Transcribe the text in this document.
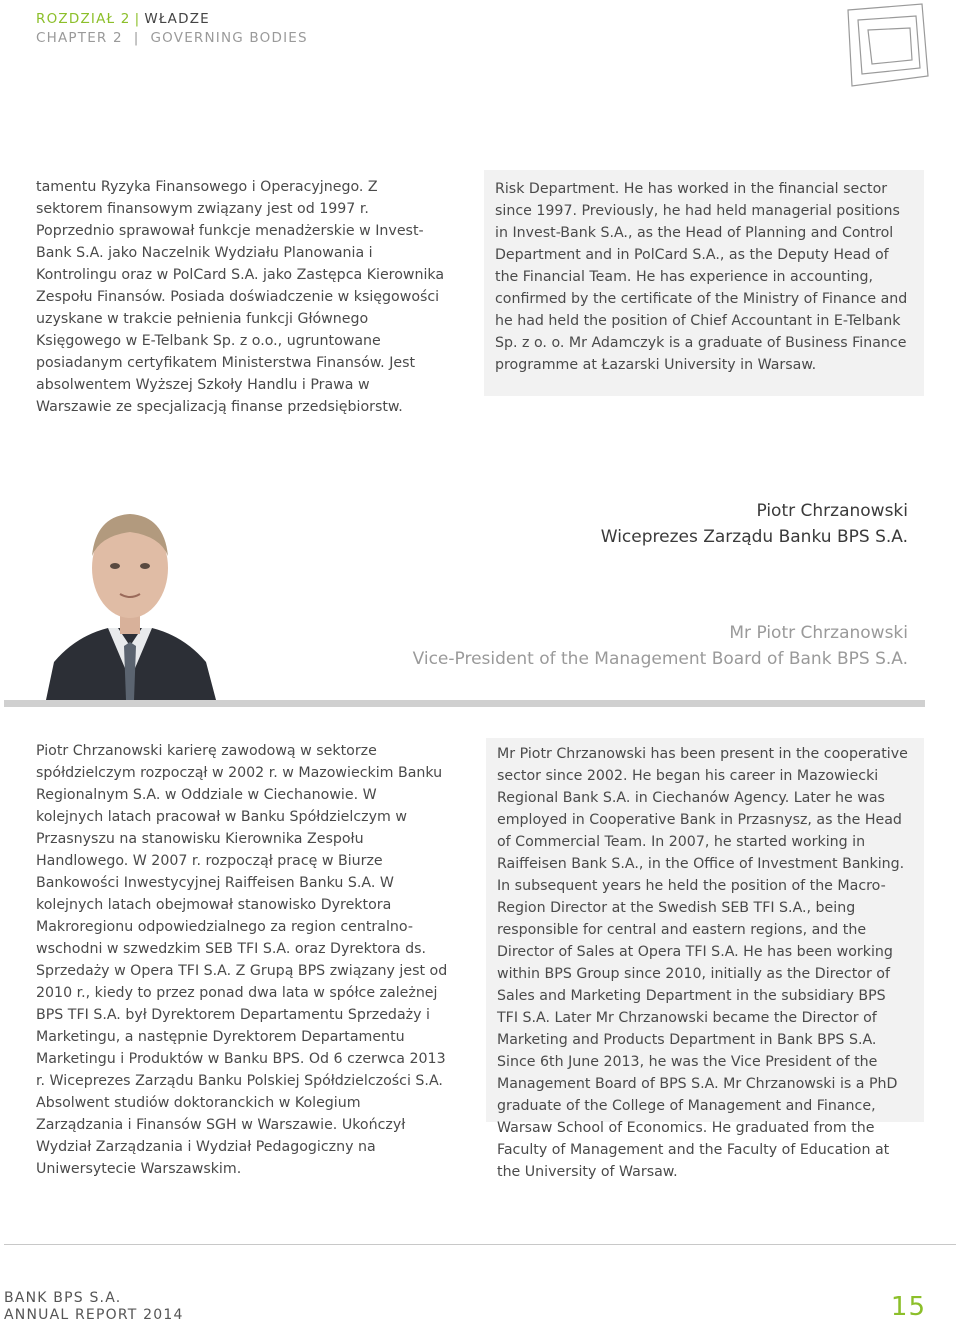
ROZDZIAŁ 2 | WŁADZE
CHAPTER 2  |  GOVERNING BODIES
tamentu Ryzyka Finansowego i Operacyjnego. Z sektorem finansowym związany jest od 1997 r. Poprzednio sprawował funkcje menadżerskie w Invest-Bank S.A. jako Naczelnik Wydziału Planowania i Kontrolingu oraz w PolCard S.A. jako Zastępca Kierownika Zespołu Finansów. Posiada doświadczenie w księgowości uzyskane w trakcie pełnienia funkcji Głównego Księgowego w E-Telbank Sp. z o.o., ugruntowane posiadanym certyfikatem Ministerstwa Finansów. Jest absolwentem Wyższej Szkoły Handlu i Prawa w Warszawie ze specjalizacją finanse przedsiębiorstw.
Risk Department. He has worked in the financial sector since 1997. Previously, he had held managerial positions in Invest-Bank S.A., as the Head of Planning and Control Department and in PolCard S.A., as the Deputy Head of the Financial Team. He has experience in accounting, confirmed by the certificate of the Ministry of Finance and he had held the position of Chief Accountant in E-Telbank Sp. z o. o. Mr Adamczyk is a graduate of Business Finance programme at Łazarski University in Warsaw.
Piotr Chrzanowski
Wiceprezes Zarządu Banku BPS S.A.
Mr Piotr Chrzanowski
Vice-President of the Management Board of Bank BPS S.A.
Piotr Chrzanowski karierę zawodową w sektorze spółdzielczym rozpoczął w 2002 r. w Mazowieckim Banku Regionalnym S.A. w Oddziale w Ciechanowie. W kolejnych latach pracował w Banku Spółdzielczym w Przasnyszu na stanowisku Kierownika Zespołu Handlowego. W 2007 r. rozpoczął pracę w Biurze Bankowości Inwestycyjnej Raiffeisen Banku S.A. W kolejnych latach obejmował stanowisko Dyrektora Makroregionu odpowiedzialnego za region centralno-wschodni w szwedzkim SEB TFI S.A. oraz Dyrektora ds. Sprzedaży w Opera TFI S.A. Z Grupą BPS związany jest od 2010 r., kiedy to przez ponad dwa lata w spółce zależnej BPS TFI S.A. był Dyrektorem Departamentu Sprzedaży i Marketingu, a następnie Dyrektorem Departamentu Marketingu i Produktów w Banku BPS. Od 6 czerwca 2013 r. Wiceprezes Zarządu Banku Polskiej Spółdzielczości S.A. Absolwent studiów doktoranckich w Kolegium Zarządzania i Finansów SGH w Warszawie. Ukończył Wydział Zarządzania i Wydział Pedagogiczny na Uniwersytecie Warszawskim.
Mr Piotr Chrzanowski has been present in the cooperative sector since 2002. He began his career in Mazowiecki Regional Bank S.A. in Ciechanów Agency. Later he was employed in Cooperative Bank in Przasnysz, as the Head of Commercial Team. In 2007, he started working in Raiffeisen Bank S.A., in the Office of Investment Banking. In subsequent years he held the position of the Macro-Region Director at the Swedish SEB TFI S.A., being responsible for central and eastern regions, and the Director of Sales at Opera TFI S.A. He has been working within BPS Group since 2010, initially as the Director of Sales and Marketing Department in the subsidiary BPS TFI S.A. Later Mr Chrzanowski became the Director of Marketing and Products Department in Bank BPS S.A. Since 6th June 2013, he was the Vice President of the Management Board of BPS S.A. Mr Chrzanowski is a PhD graduate of the College of Management and Finance, Warsaw School of Economics. He graduated from the Faculty of Management and the Faculty of Education at the University of Warsaw.
BANK BPS S.A.
ANNUAL REPORT 2014	15
